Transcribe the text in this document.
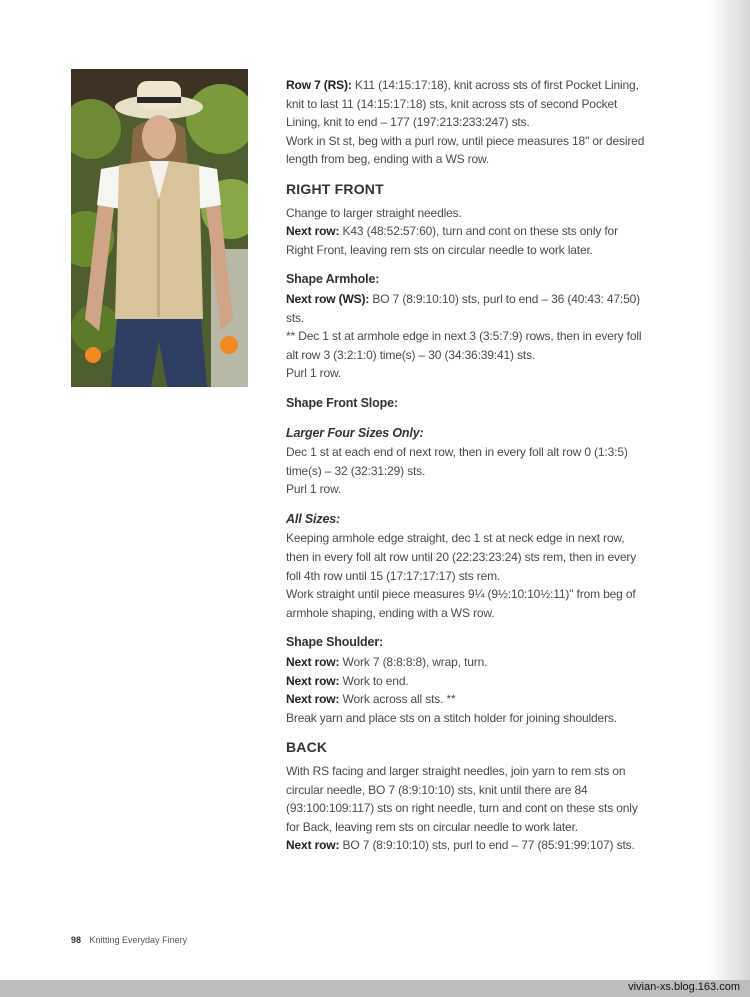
Row 7 (RS): K11 (14:15:17:18), knit across sts of first Pocket Lining, knit to last 11 (14:15:17:18) sts, knit across sts of second Pocket Lining, knit to end – 177 (197:213:233:247) sts.

Work in St st, beg with a purl row, until piece measures 18" or desired length from beg, ending with a WS row.

RIGHT FRONT

Change to larger straight needles.

Next row: K43 (48:52:57:60), turn and cont on these sts only for Right Front, leaving rem sts on circular needle to work later.

Shape Armhole:

Next row (WS): BO 7 (8:9:10:10) sts, purl to end – 36 (40:43: 47:50) sts.

** Dec 1 st at armhole edge in next 3 (3:5:7:9) rows, then in every foll alt row 3 (3:2:1:0) time(s) – 30 (34:36:39:41) sts.

Purl 1 row.

Shape Front Slope:
Larger Four Sizes Only:

Dec 1 st at each end of next row, then in every foll alt row 0 (1:3:5) time(s) – 32 (32:31:29) sts.

Purl 1 row.

All Sizes:

Keeping armhole edge straight, dec 1 st at neck edge in next row, then in every foll alt row until 20 (22:23:23:24) sts rem, then in every foll 4th row until 15 (17:17:17:17) sts rem.

Work straight until piece measures 9¼ (9½:10:10½:11)" from beg of armhole shaping, ending with a WS row.

Shape Shoulder:

Next row: Work 7 (8:8:8:8), wrap, turn.

Next row: Work to end.

Next row: Work across all sts. **

Break yarn and place sts on a stitch holder for joining shoulders.

BACK

With RS facing and larger straight needles, join yarn to rem sts on circular needle, BO 7 (8:9:10:10) sts, knit until there are 84 (93:100:109:117) sts on right needle, turn and cont on these sts only for Back, leaving rem sts on circular needle to work later.

Next row: BO 7 (8:9:10:10) sts, purl to end – 77 (85:91:99:107) sts.

98 Knitting Everyday Finery
vivian-xs.blog.163.com
